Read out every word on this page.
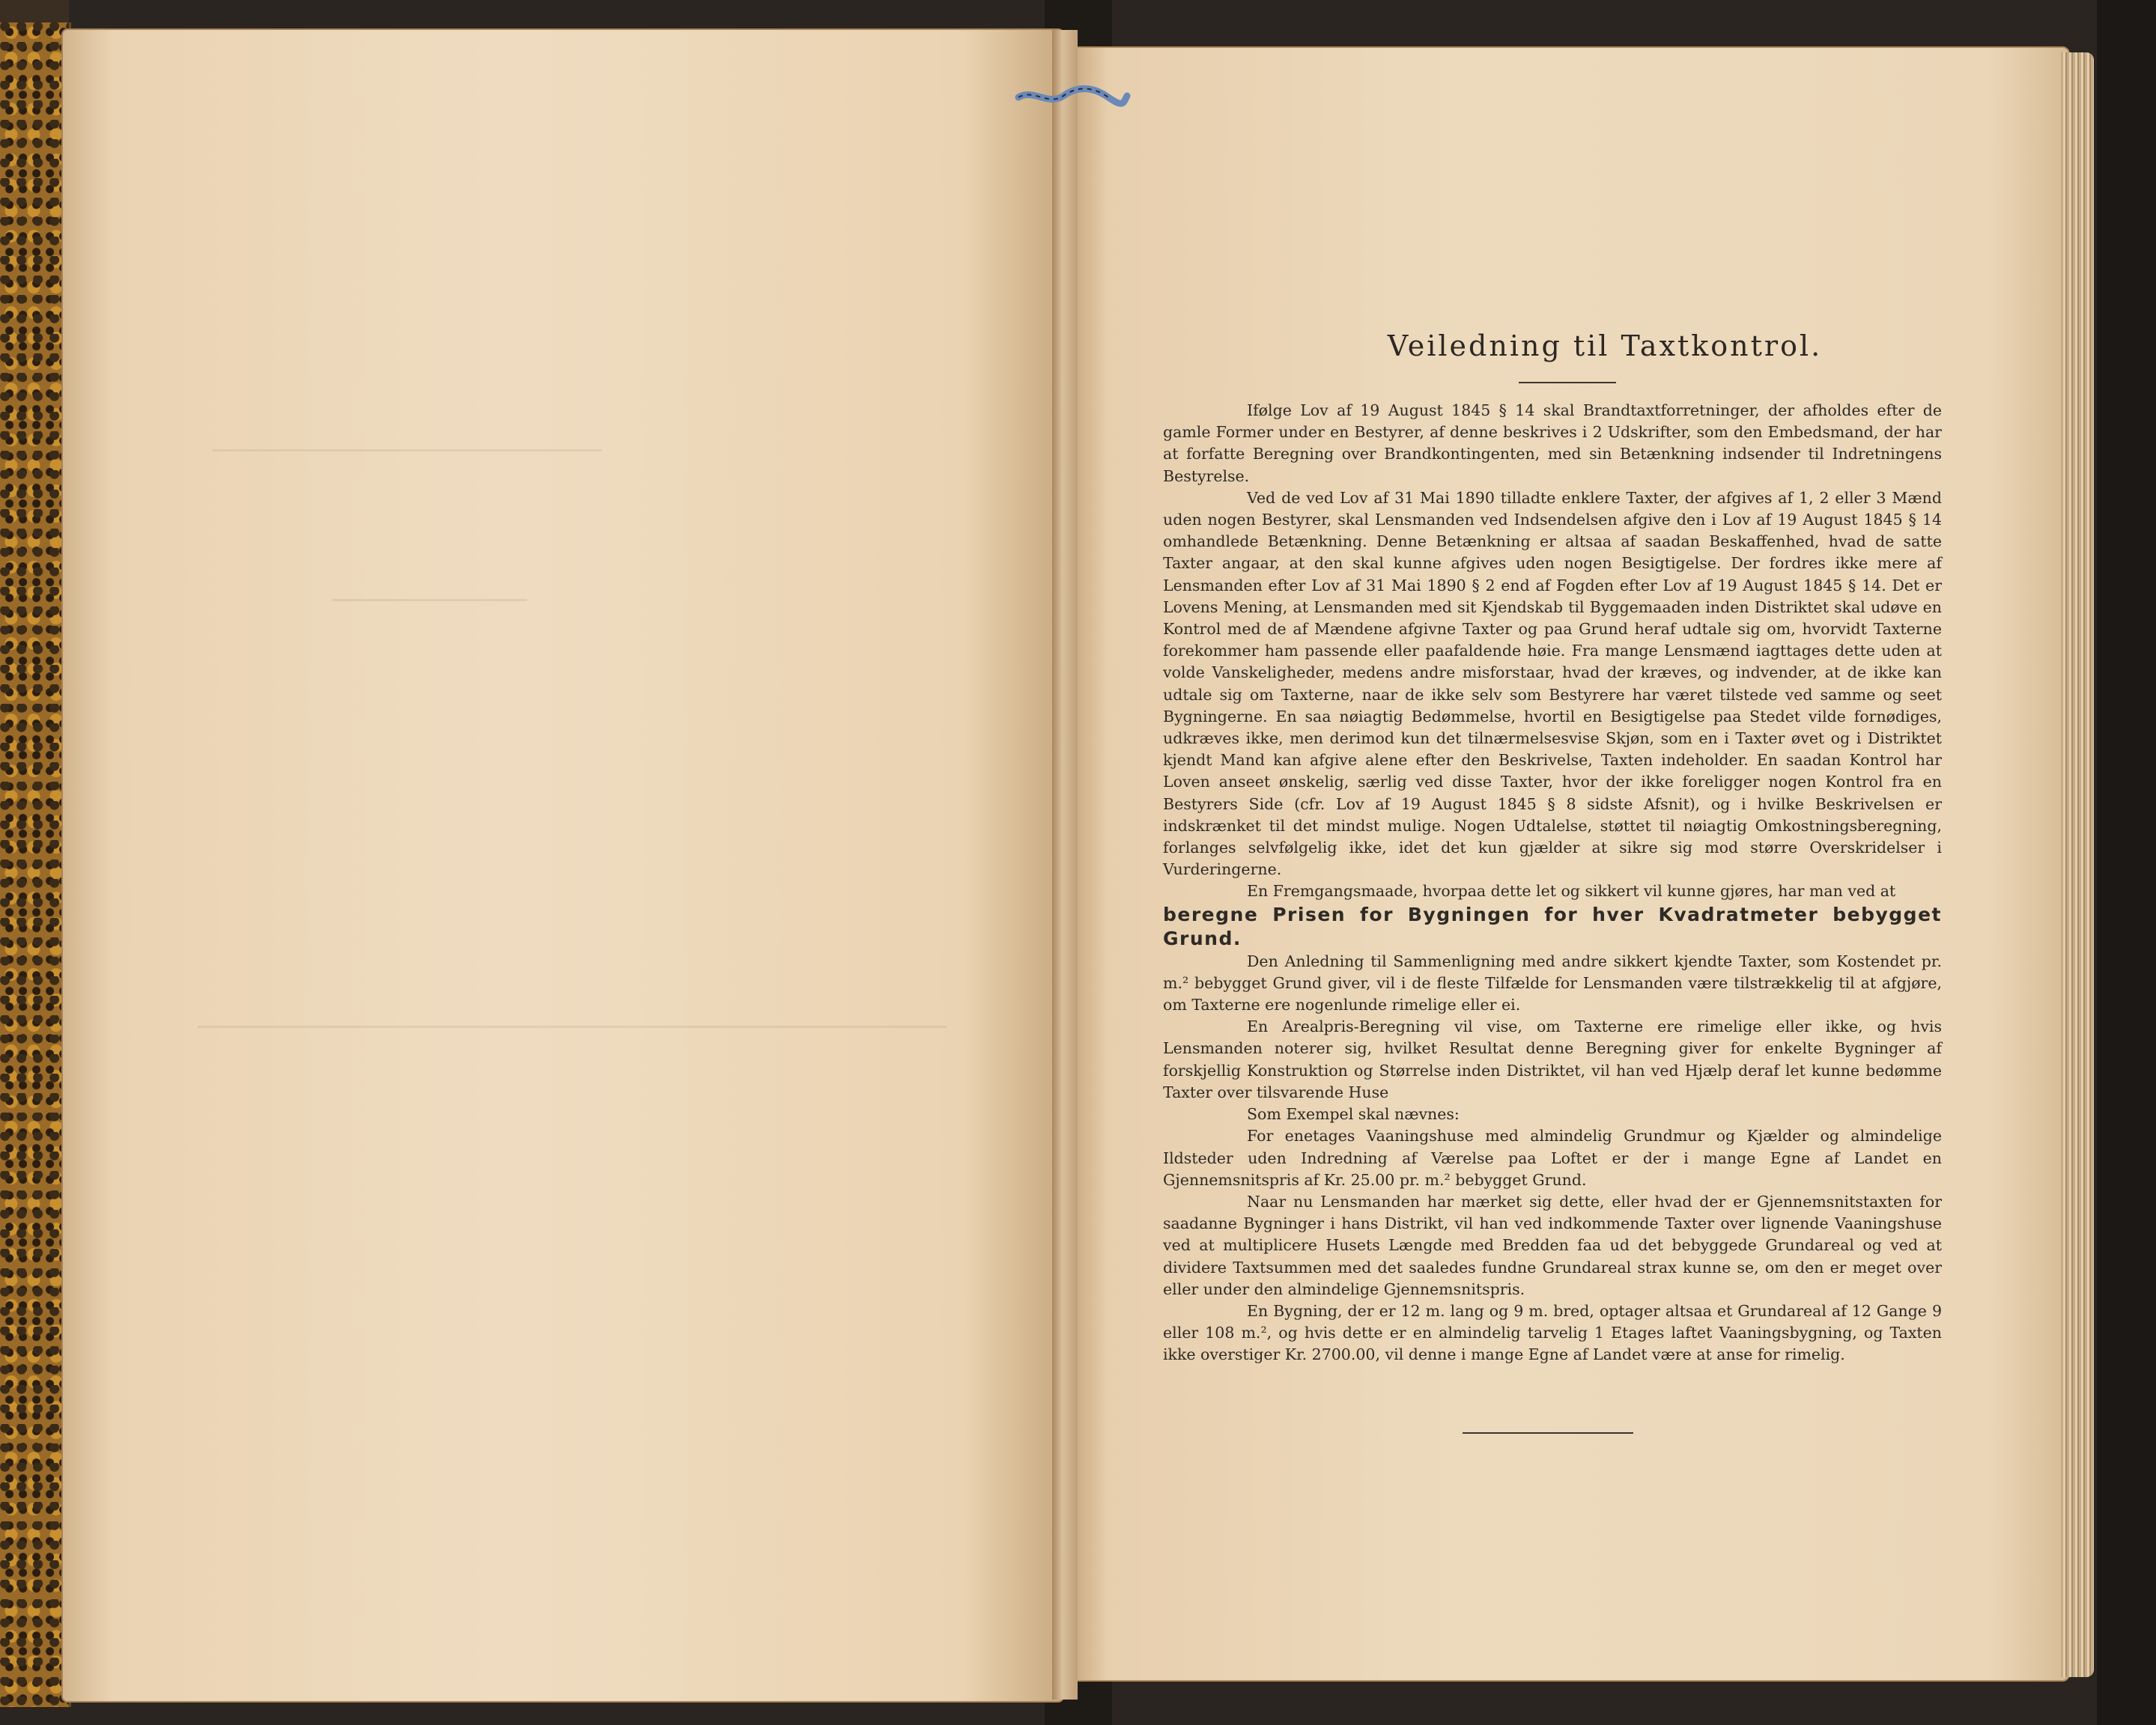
Veiledning til Taxtkontrol.

Ifølge Lov af 19 August 1845 § 14 skal Brandtaxtforretninger, der afholdes efter de gamle Former under en Bestyrer, af denne beskrives i 2 Udskrifter, som den Embedsmand, der har at forfatte Beregning over Brandkontingenten, med sin Betænkning indsender til Indretningens Bestyrelse.

Ved de ved Lov af 31 Mai 1890 tilladte enklere Taxter, der afgives af 1, 2 eller 3 Mænd uden nogen Bestyrer, skal Lensmanden ved Indsendelsen afgive den i Lov af 19 August 1845 § 14 omhandlede Betænkning. Denne Betænkning er altsaa af saadan Beskaffenhed, hvad de satte Taxter angaar, at den skal kunne afgives uden nogen Besigtigelse. Der fordres ikke mere af Lensmanden efter Lov af 31 Mai 1890 § 2 end af Fogden efter Lov af 19 August 1845 § 14. Det er Lovens Mening, at Lensmanden med sit Kjendskab til Byggemaaden inden Distriktet skal udøve en Kontrol med de af Mændene afgivne Taxter og paa Grund heraf udtale sig om, hvorvidt Taxterne forekommer ham passende eller paafaldende høie. Fra mange Lensmænd iagttages dette uden at volde Vanskeligheder, medens andre misforstaar, hvad der kræves, og indvender, at de ikke kan udtale sig om Taxterne, naar de ikke selv som Bestyrere har været tilstede ved samme og seet Bygningerne. En saa nøiagtig Bedømmelse, hvortil en Besigtigelse paa Stedet vilde fornødiges, udkræves ikke, men derimod kun det tilnærmelsesvise Skjøn, som en i Taxter øvet og i Distriktet kjendt Mand kan afgive alene efter den Beskrivelse, Taxten indeholder. En saadan Kontrol har Loven anseet ønskelig, særlig ved disse Taxter, hvor der ikke foreligger nogen Kontrol fra en Bestyrers Side (cfr. Lov af 19 August 1845 § 8 sidste Afsnit), og i hvilke Beskrivelsen er indskrænket til det mindst mulige. Nogen Udtalelse, støttet til nøiagtig Omkostningsberegning, forlanges selvfølgelig ikke, idet det kun gjælder at sikre sig mod større Overskridelser i Vurderingerne.

En Fremgangsmaade, hvorpaa dette let og sikkert vil kunne gjøres, har man ved at

beregne Prisen for Bygningen for hver Kvadratmeter bebygget Grund.

Den Anledning til Sammenligning med andre sikkert kjendte Taxter, som Kostendet pr. m.² bebygget Grund giver, vil i de fleste Tilfælde for Lensmanden være tilstrækkelig til at afgjøre, om Taxterne ere nogenlunde rimelige eller ei.

En Arealpris-Beregning vil vise, om Taxterne ere rimelige eller ikke, og hvis Lensmanden noterer sig, hvilket Resultat denne Beregning giver for enkelte Bygninger af forskjellig Konstruktion og Størrelse inden Distriktet, vil han ved Hjælp deraf let kunne bedømme Taxter over tilsvarende Huse

Som Exempel skal nævnes:

For enetages Vaaningshuse med almindelig Grundmur og Kjælder og almindelige Ildsteder uden Indredning af Værelse paa Loftet er der i mange Egne af Landet en Gjennemsnitspris af Kr. 25.00 pr. m.² bebygget Grund.

Naar nu Lensmanden har mærket sig dette, eller hvad der er Gjennemsnitstaxten for saadanne Bygninger i hans Distrikt, vil han ved indkommende Taxter over lignende Vaaningshuse ved at multiplicere Husets Længde med Bredden faa ud det bebyggede Grundareal og ved at dividere Taxtsummen med det saaledes fundne Grundareal strax kunne se, om den er meget over eller under den almindelige Gjennemsnitspris.

En Bygning, der er 12 m. lang og 9 m. bred, optager altsaa et Grundareal af 12 Gange 9 eller 108 m.², og hvis dette er en almindelig tarvelig 1 Etages laftet Vaaningsbygning, og Taxten ikke overstiger Kr. 2700.00, vil denne i mange Egne af Landet være at anse for rimelig.
